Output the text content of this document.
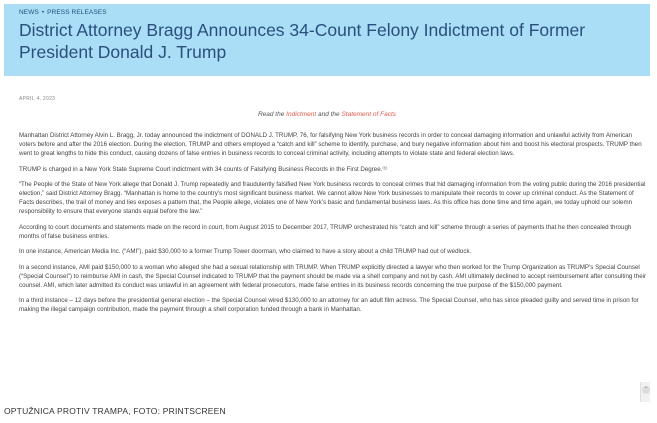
NEWS • PRESS RELEASES
District Attorney Bragg Announces 34-Count Felony Indictment of Former President Donald J. Trump
APRIL 4, 2023
Read the Indictment and the Statement of Facts

Manhattan District Attorney Alvin L. Bragg, Jr. today announced the indictment of DONALD J. TRUMP, 76, for falsifying New York business records in order to conceal damaging information and unlawful activity from American voters before and after the 2016 election. During the election, TRUMP and others employed a “catch and kill” scheme to identify, purchase, and bury negative information about him and boost his electoral prospects. TRUMP then went to great lengths to hide this conduct, causing dozens of false entries in business records to conceal criminal activity, including attempts to violate state and federal election laws.

TRUMP is charged in a New York State Supreme Court indictment with 34 counts of Falsifying Business Records in the First Degree.⁽¹⁾

“The People of the State of New York allege that Donald J. Trump repeatedly and fraudulently falsified New York business records to conceal crimes that hid damaging information from the voting public during the 2016 presidential election,” said District Attorney Bragg. “Manhattan is home to the country’s most significant business market. We cannot allow New York businesses to manipulate their records to cover up criminal conduct. As the Statement of Facts describes, the trail of money and lies exposes a pattern that, the People allege, violates one of New York’s basic and fundamental business laws. As this office has done time and time again, we today uphold our solemn responsibility to ensure that everyone stands equal before the law.”

According to court documents and statements made on the record in court, from August 2015 to December 2017, TRUMP orchestrated his “catch and kill” scheme through a series of payments that he then concealed through months of false business entries.

In one instance, American Media Inc. (“AMI”), paid $30,000 to a former Trump Tower doorman, who claimed to have a story about a child TRUMP had out of wedlock.

In a second instance, AMI paid $150,000 to a woman who alleged she had a sexual relationship with TRUMP. When TRUMP explicitly directed a lawyer who then worked for the Trump Organization as TRUMP’s Special Counsel (“Special Counsel”) to reimburse AMI in cash, the Special Counsel indicated to TRUMP that the payment should be made via a shell company and not by cash. AMI ultimately declined to accept reimbursement after consulting their counsel. AMI, which later admitted its conduct was unlawful in an agreement with federal prosecutors, made false entries in its business records concerning the true purpose of the $150,000 payment.

In a third instance – 12 days before the presidential general election – the Special Counsel wired $130,000 to an attorney for an adult film actress. The Special Counsel, who has since pleaded guilty and served time in prison for making the illegal campaign contribution, made the payment through a shell corporation funded through a bank in Manhattan.

⌃
OPTUŽNICA PROTIV TRAMPA, FOTO: PRINTSCREEN
